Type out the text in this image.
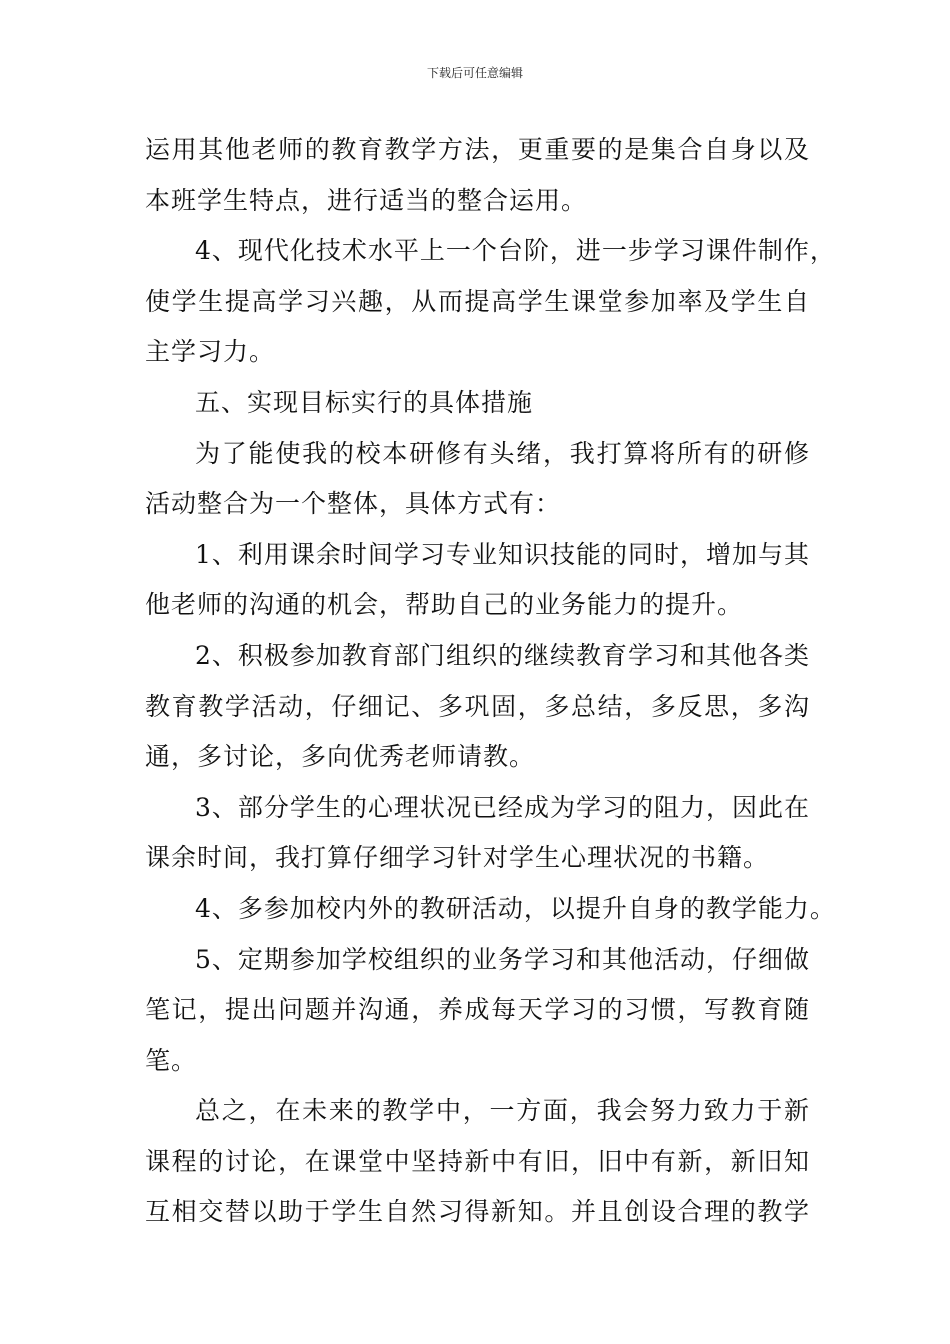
下载后可任意编辑
运用其他老师的教育教学方法，更重要的是集合自身以及
本班学生特点，进行适当的整合运用。
4、现代化技术水平上一个台阶，进一步学习课件制作，
使学生提高学习兴趣，从而提高学生课堂参加率及学生自
主学习力。
五、实现目标实行的具体措施
为了能使我的校本研修有头绪，我打算将所有的研修
活动整合为一个整体，具体方式有：
1、利用课余时间学习专业知识技能的同时，增加与其
他老师的沟通的机会，帮助自己的业务能力的提升。
2、积极参加教育部门组织的继续教育学习和其他各类
教育教学活动，仔细记、多巩固，多总结，多反思，多沟
通，多讨论，多向优秀老师请教。
3、部分学生的心理状况已经成为学习的阻力，因此在
课余时间，我打算仔细学习针对学生心理状况的书籍。
4、多参加校内外的教研活动，以提升自身的教学能力。
5、定期参加学校组织的业务学习和其他活动，仔细做
笔记，提出问题并沟通，养成每天学习的习惯，写教育随
笔。
总之，在未来的教学中，一方面，我会努力致力于新
课程的讨论，在课堂中坚持新中有旧，旧中有新，新旧知
互相交替以助于学生自然习得新知。并且创设合理的教学
